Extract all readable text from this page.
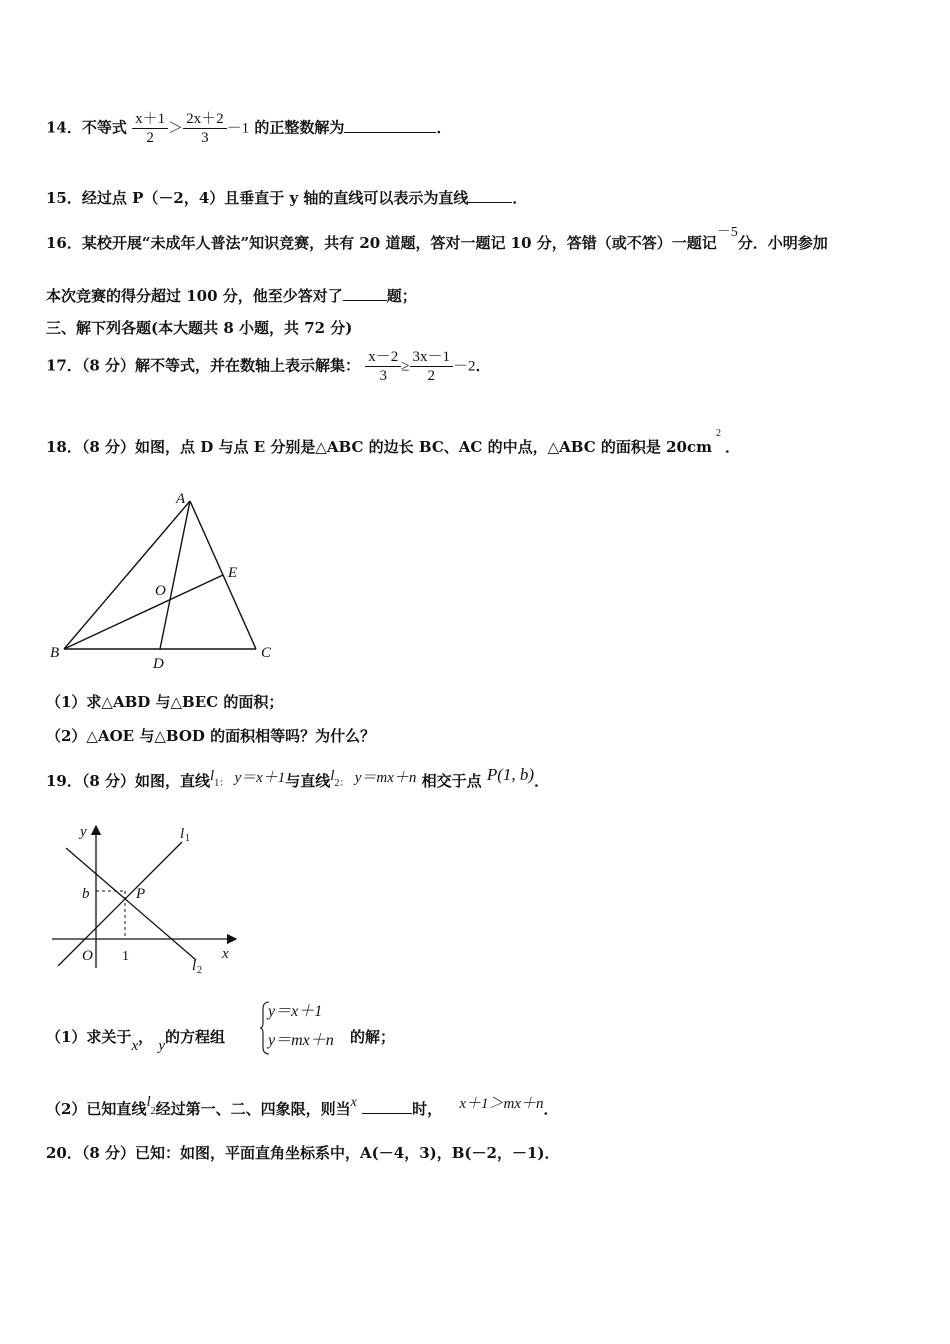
14．不等式 $\frac{x+1}{2} > \frac{2x+2}{3} -1$ 的正整数解为	．
15．经过点 P（－2，4）且垂直于 y 轴的直线可以表示为直线	．
16．某校开展“未成年人普法”知识竞赛，共有 20 道题，答对一题记 10 分，答错（或不答）一题记－5分．小明参加
本次竞赛的得分超过 100 分，他至少答对了	题；
三、解下列各题(本大题共 8 小题，共 72 分)
17．（8 分）解不等式，并在数轴上表示解集： $\frac{x-2}{3} \ge \frac{3x-1}{2} -2$．
18．（8 分）如图，点 D 与点 E 分别是△ABC 的边长 BC、AC 的中点，△ABC 的面积是 $20cm^2$．
A
B	C
D
E
O
（1）求△ABD 与△BEC 的面积；
（2）△AOE 与△BOD 的面积相等吗？为什么？
19．（8 分）如图，直线l1： y＝x＋1与直线l2： y＝mx＋n 相交于点 P(1, b)．
y
x
O
b	P
l
l
1
2
1
（1）求关于x， y的方程组
y＝x＋1
y＝mx＋n 的解；
（2）已知直线l2经过第一、二、四象限，则当x	时， x＋1＞mx＋n．
20．（8 分）已知：如图，平面直角坐标系中，A(－4，3)，B(－2，－1)．
